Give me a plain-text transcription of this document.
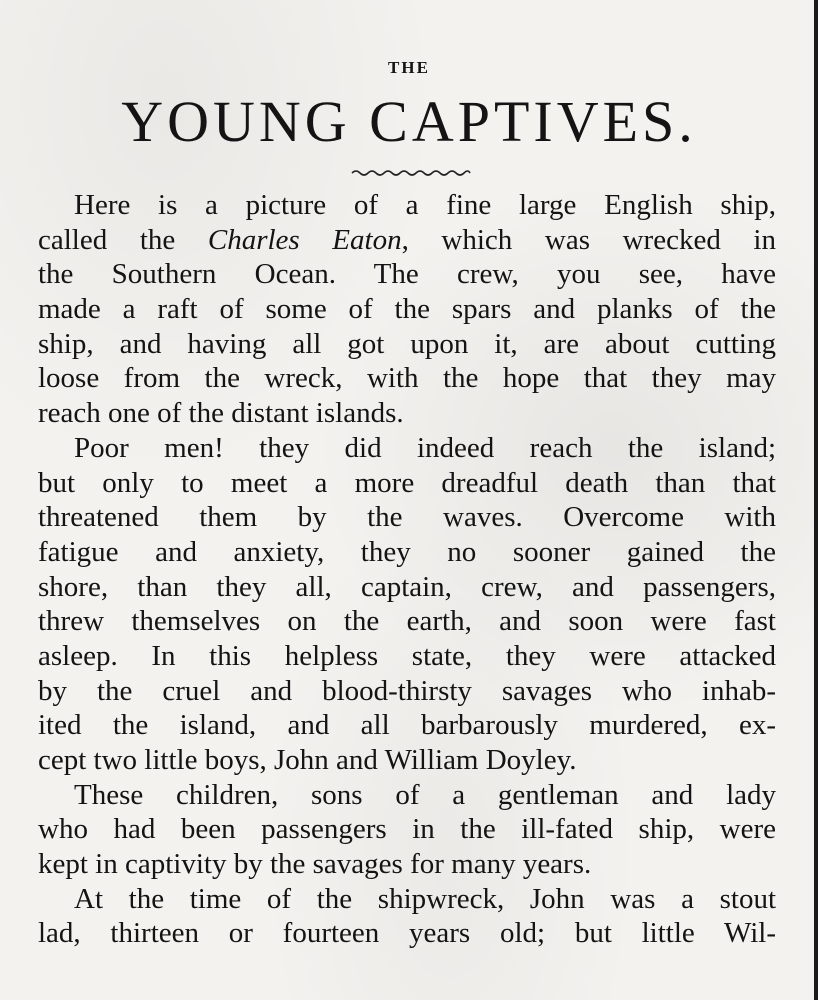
THE
YOUNG CAPTIVES.
Here is a picture of a fine large English ship,
called the Charles Eaton, which was wrecked in
the Southern Ocean. The crew, you see, have
made a raft of some of the spars and planks of the
ship, and having all got upon it, are about cutting
loose from the wreck, with the hope that they may
reach one of the distant islands.
Poor men! they did indeed reach the island;
but only to meet a more dreadful death than that
threatened them by the waves. Overcome with
fatigue and anxiety, they no sooner gained the
shore, than they all, captain, crew, and passengers,
threw themselves on the earth, and soon were fast
asleep. In this helpless state, they were attacked
by the cruel and blood-thirsty savages who inhab-
ited the island, and all barbarously murdered, ex-
cept two little boys, John and William Doyley.
These children, sons of a gentleman and lady
who had been passengers in the ill-fated ship, were
kept in captivity by the savages for many years.
At the time of the shipwreck, John was a stout
lad, thirteen or fourteen years old; but little Wil-
